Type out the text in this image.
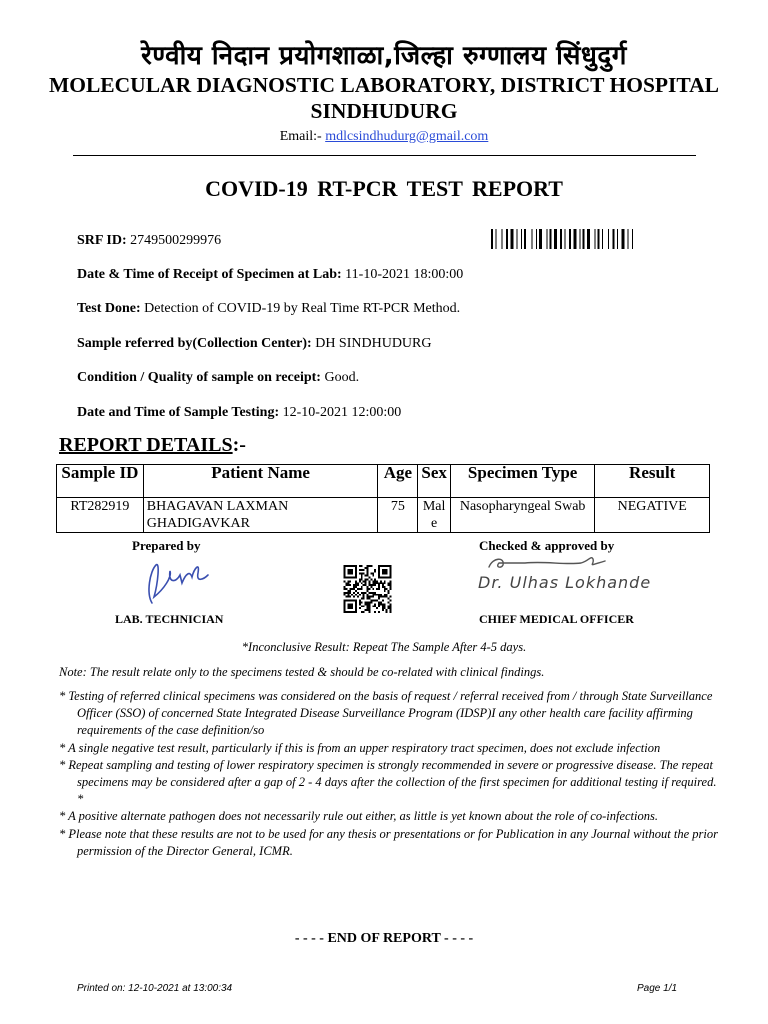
रेण्वीय निदान प्रयोगशाळा,जिल्हा रुग्णालय सिंधुदुर्ग
MOLECULAR DIAGNOSTIC LABORATORY, DISTRICT HOSPITAL
SINDHUDURG
Email:- mdlcsindhudurg@gmail.com
COVID-19 RT-PCR TEST REPORT
SRF ID: 2749500299976
Date & Time of Receipt of Specimen at Lab: 11-10-2021 18:00:00
Test Done: Detection of COVID-19 by Real Time RT-PCR Method.
Sample referred by(Collection Center): DH SINDHUDURG
Condition / Quality of sample on receipt: Good.
Date and Time of Sample Testing: 12-10-2021 12:00:00
REPORT DETAILS:-
Sample ID	Patient Name	Age	Sex	Specimen Type	Result
RT282919	BHAGAVAN LAXMAN GHADIGAVKAR	75	Male	Nasopharyngeal Swab	NEGATIVE
Prepared by
LAB. TECHNICIAN
Checked & approved by
Dr. Ulhas Lokhande
CHIEF MEDICAL OFFICER
*Inconclusive Result: Repeat The Sample After 4-5 days.
Note: The result relate only to the specimens tested & should be co-related with clinical findings.

* Testing of referred clinical specimens was considered on the basis of request / referral received from / through State Surveillance Officer (SSO) of concerned State Integrated Disease Surveillance Program (IDSP)I any other health care facility affirming requirements of the case definition/so

* A single negative test result, particularly if this is from an upper respiratory tract specimen, does not exclude infection

* Repeat sampling and testing of lower respiratory specimen is strongly recommended in severe or progressive disease. The repeat specimens may be considered after a gap of 2 - 4 days after the collection of the first specimen for additional testing if required. *

* A positive alternate pathogen does not necessarily rule out either, as little is yet known about the role of co-infections.

* Please note that these results are not to be used for any thesis or presentations or for Publication in any Journal without the prior permission of the Director General, ICMR.

- - - - END OF REPORT - - - -
Printed on: 12-10-2021 at 13:00:34	Page 1/1
